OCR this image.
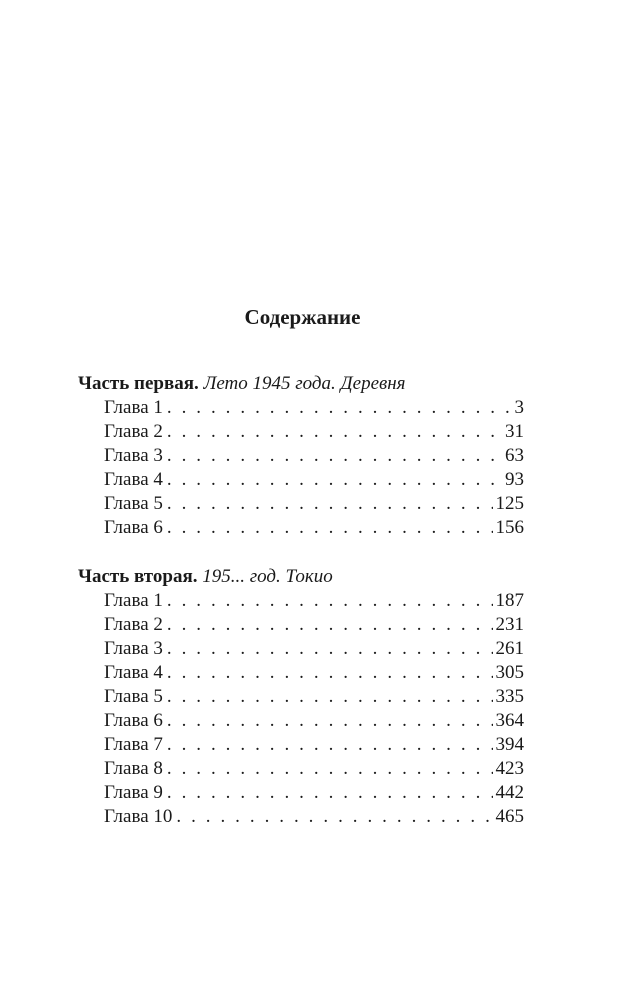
Содержание
Часть первая. Лето 1945 года. Деревня
Глава 1 . . .	3
Глава 2 . . .	31
Глава 3 . . .	63
Глава 4 . . .	93
Глава 5 . . .	125
Глава 6 . . .	156
Часть вторая. 195... год. Токио
Глава 1 . . .	187
Глава 2 . . .	231
Глава 3 . . .	261
Глава 4 . . .	305
Глава 5 . . .	335
Глава 6 . . .	364
Глава 7 . . .	394
Глава 8 . . .	423
Глава 9 . . .	442
Глава 10 . . .	465
